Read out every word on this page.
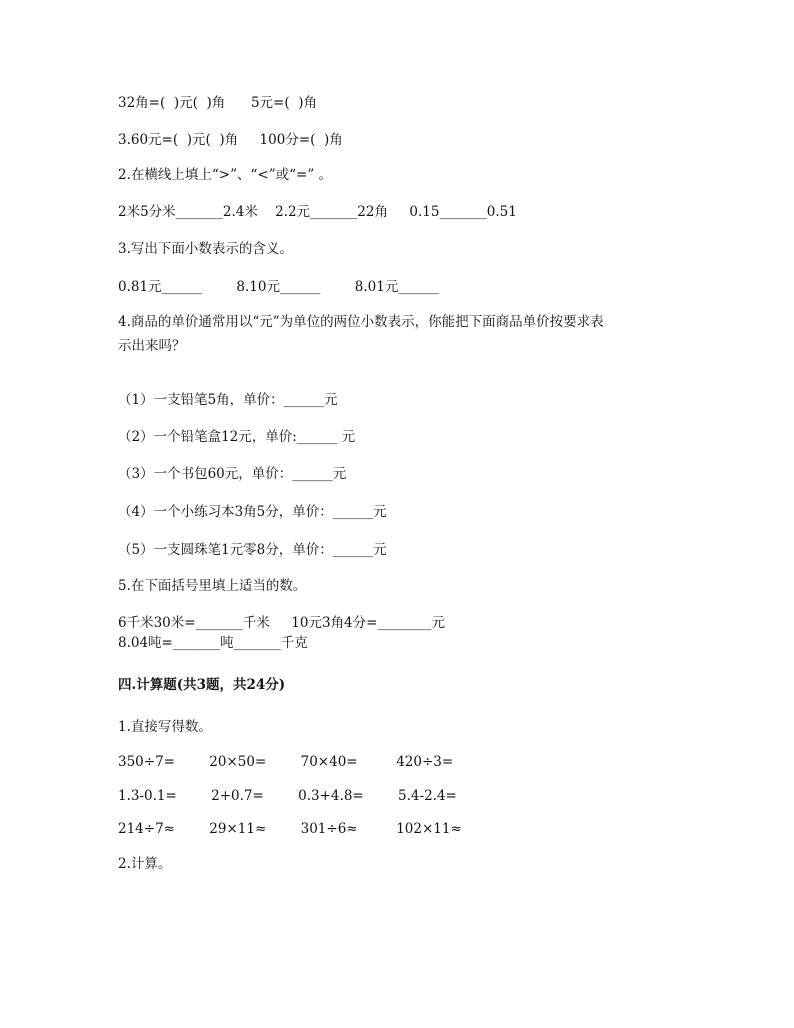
32角=(  )元(  )角      5元=(  )角
3.60元=(  )元(  )角     100分=(  )角
2.在横线上填上“>”、“<”或“=” 。
2米5分米_______2.4米    2.2元_______22角     0.15_______0.51
3.写出下面小数表示的含义。
0.81元______        8.10元______        8.01元______
4.商品的单价通常用以“元”为单位的两位小数表示，你能把下面商品单价按要求表
示出来吗？
（1）一支铅笔5角，单价：______元
（2）一个铅笔盒12元，单价:______ 元
（3）一个书包60元，单价：______元
（4）一个小练习本3角5分，单价：______元
（5）一支圆珠笔1元零8分，单价：______元
5.在下面括号里填上适当的数。
6千米30米=_______千米     10元3角4分=________元
8.04吨=_______吨_______千克
四.计算题(共3题，共24分)
1.直接写得数。
350÷7=        20×50=        70×40=         420÷3=
1.3-0.1=        2+0.7=        0.3+4.8=        5.4-2.4=
214÷7≈        29×11≈        301÷6≈         102×11≈
2.计算。
